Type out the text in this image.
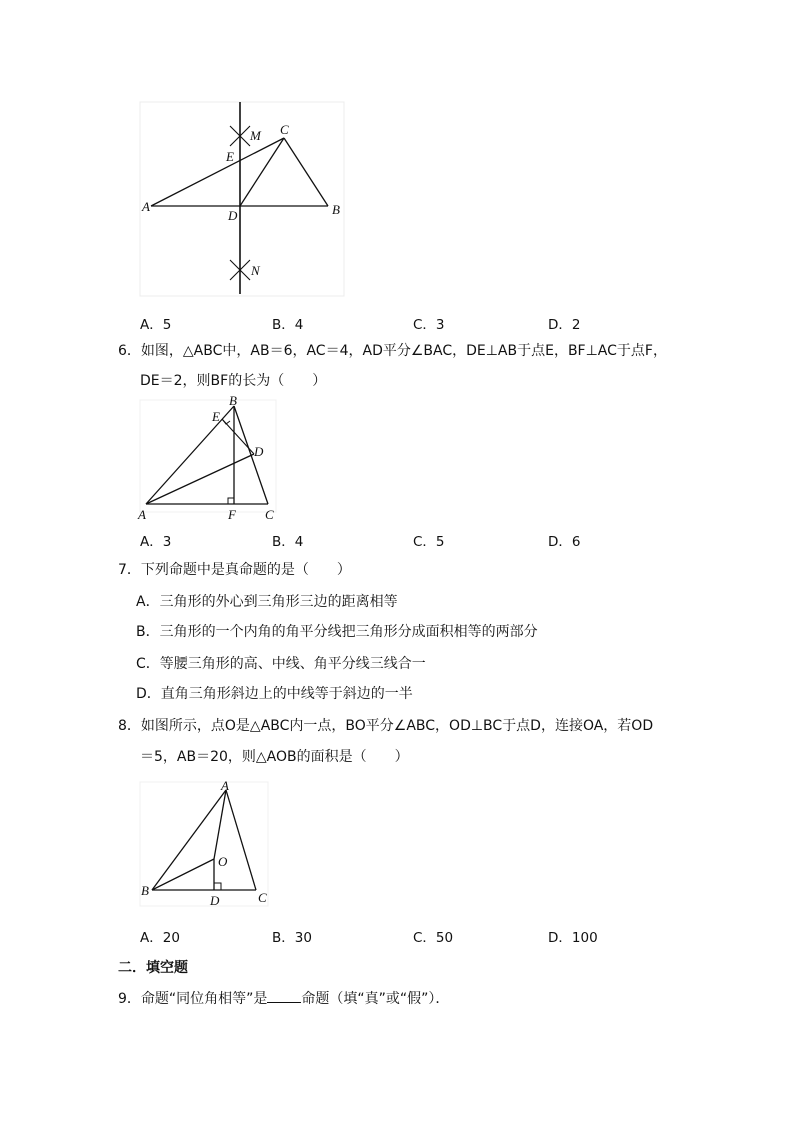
M C
E
A
D	B
N
A．5	B．4	C．3	D．2
6．如图，△ABC中，AB＝6，AC＝4，AD平分∠BAC，DE⊥AB于点E，BF⊥AC于点F，
DE＝2，则BF的长为（　　）
B
E
D
A	F C
A．3	B．4	C．5	D．6
7．下列命题中是真命题的是（　　）
A．三角形的外心到三角形三边的距离相等
B．三角形的一个内角的角平分线把三角形分成面积相等的两部分
C．等腰三角形的高、中线、角平分线三线合一
D．直角三角形斜边上的中线等于斜边的一半
8．如图所示，点O是△ABC内一点，BO平分∠ABC，OD⊥BC于点D，连接OA，若OD
＝5，AB＝20，则△AOB的面积是（　　）
A
O
B
D	C
A．20	B．30	C．50	D．100
二．填空题
9．命题“同位角相等”是 命题（填“真”或“假”）．
